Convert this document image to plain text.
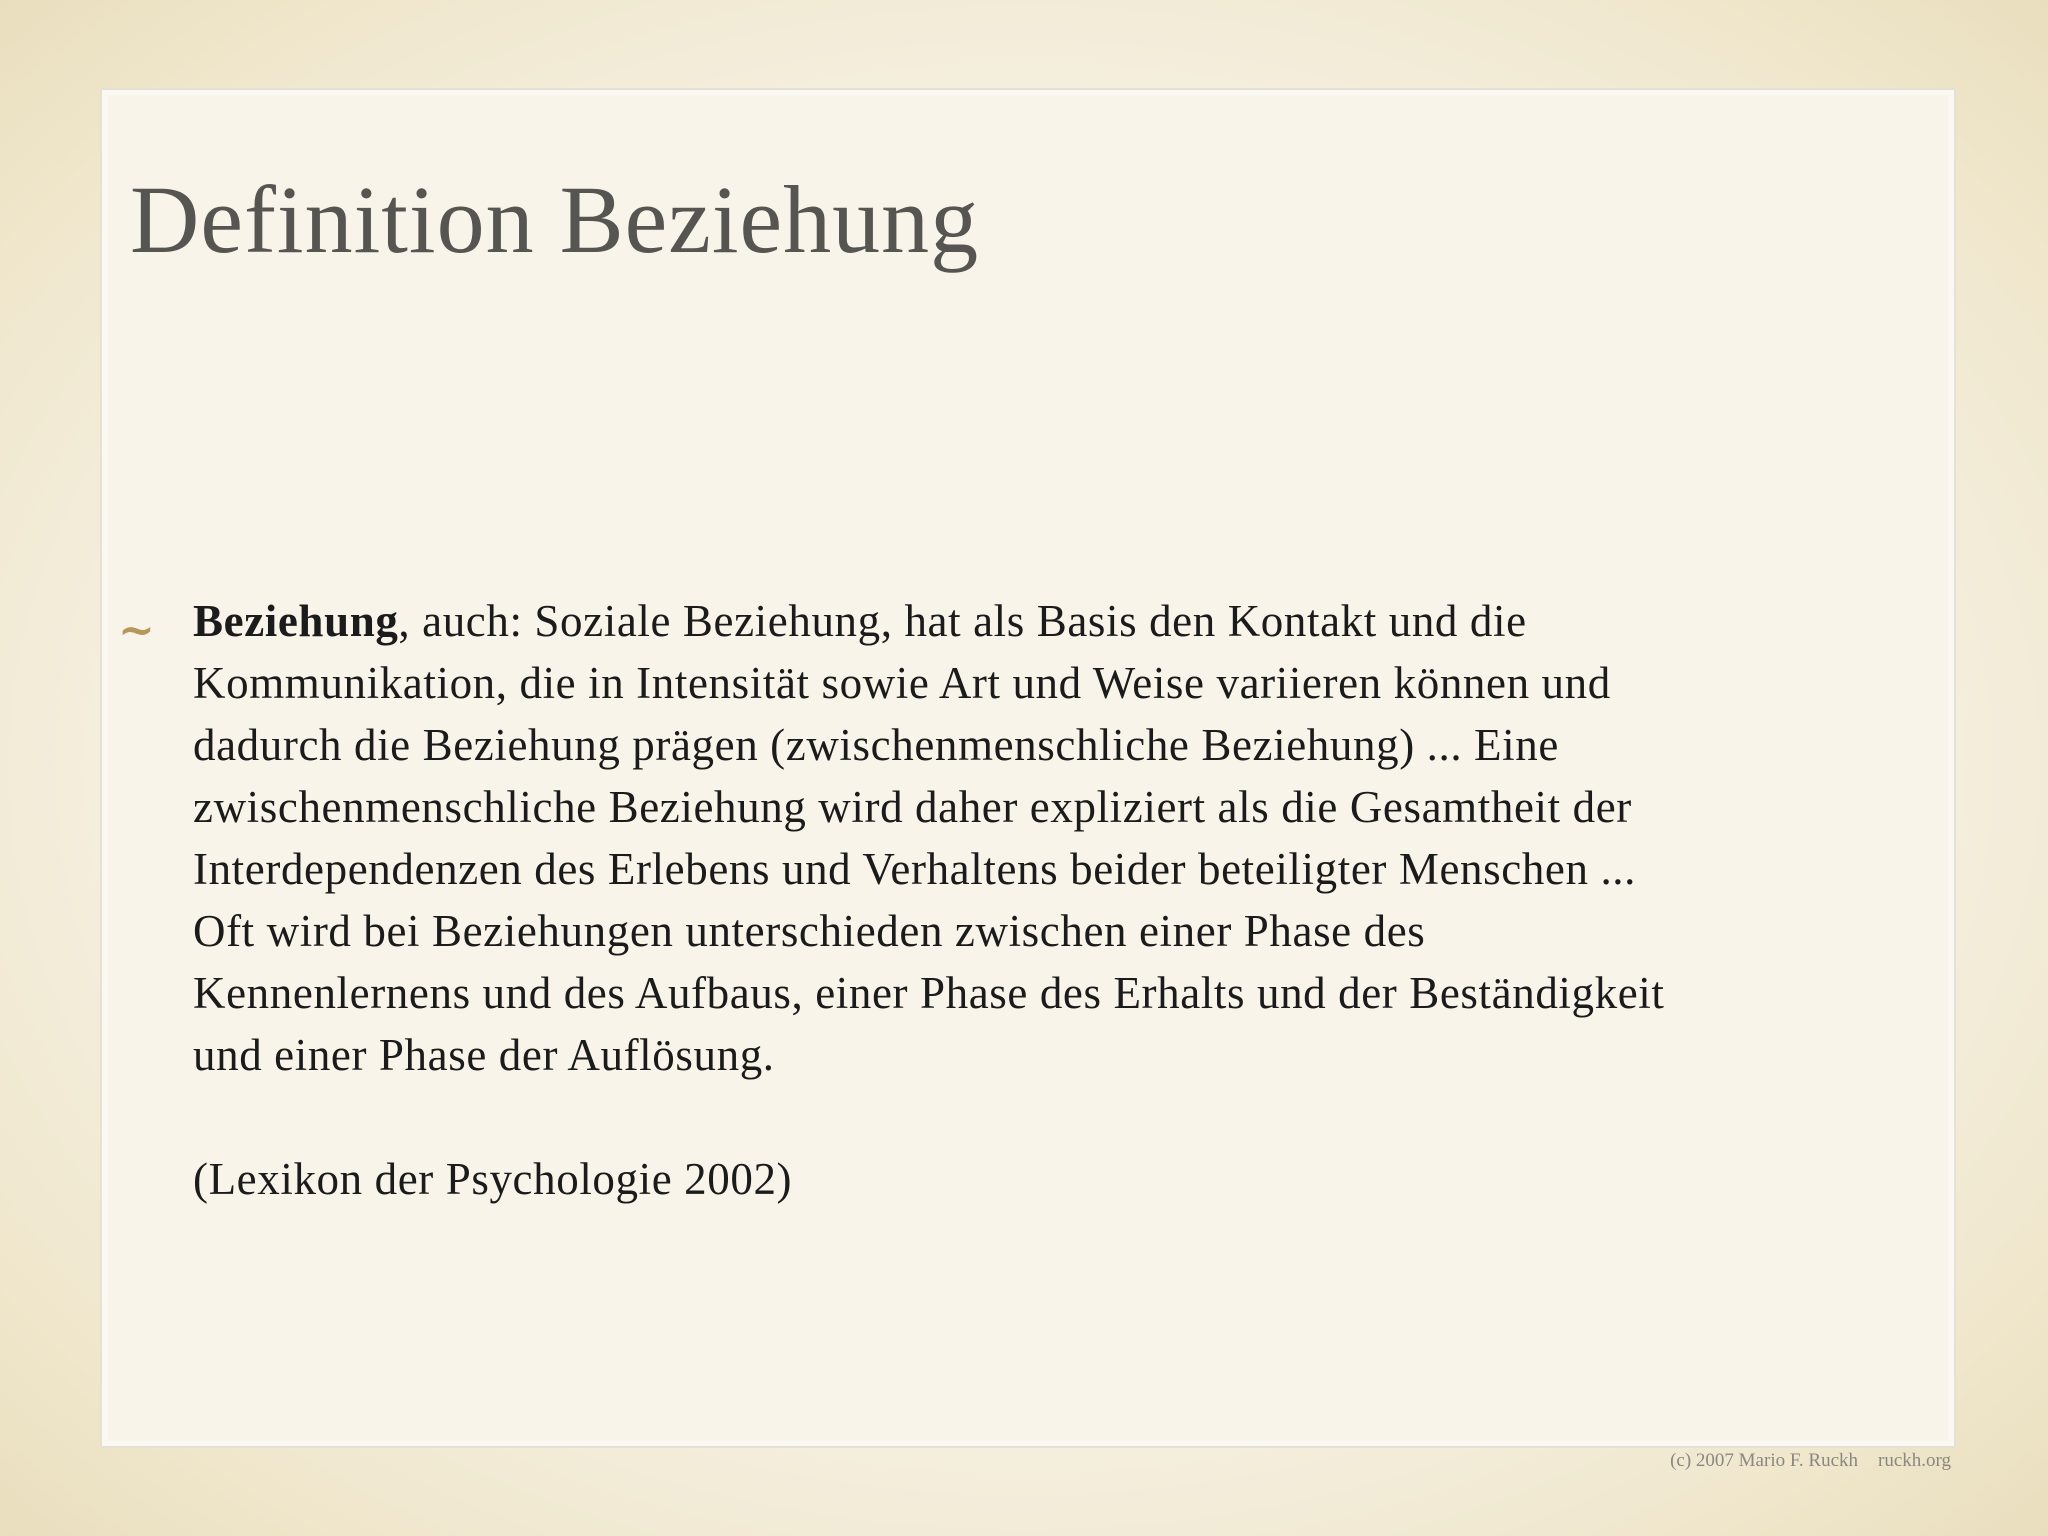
Definition Beziehung
~ Beziehung, auch: Soziale Beziehung, hat als Basis den Kontakt und die
Kommunikation, die in Intensität sowie Art und Weise variieren können und
dadurch die Beziehung prägen (zwischenmenschliche Beziehung) ... Eine
zwischenmenschliche Beziehung wird daher expliziert als die Gesamtheit der
Interdependenzen des Erlebens und Verhaltens beider beteiligter Menschen ...
Oft wird bei Beziehungen unterschieden zwischen einer Phase des
Kennenlernens und des Aufbaus, einer Phase des Erhalts und der Beständigkeit
und einer Phase der Auflösung.

(Lexikon der Psychologie 2002)

(c) 2007 Mario F. Ruckh ruckh.org
